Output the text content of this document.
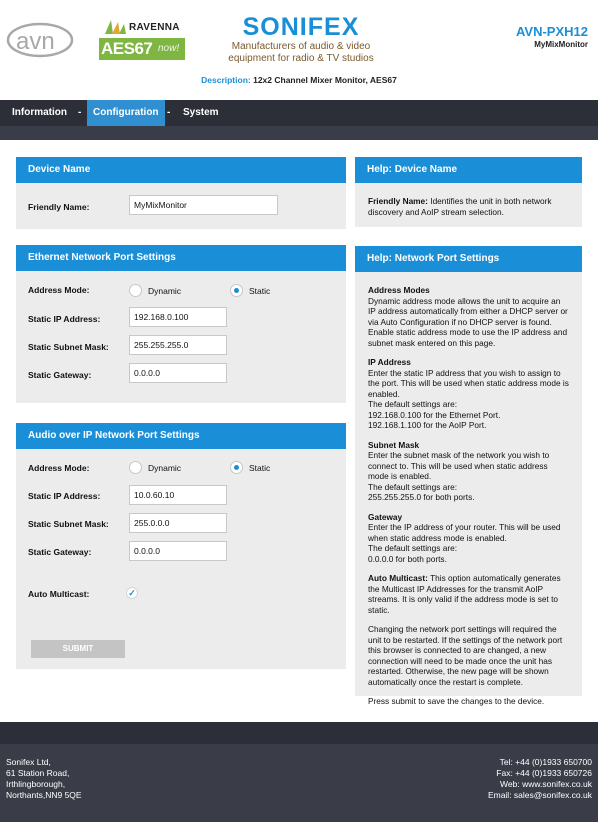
avn
RAVENNA
AES67 now!
SONIFEX
Manufacturers of audio & video
equipment for radio & TV studios
AVN-PXH12
MyMixMonitor
Description: 12x2 Channel Mixer Monitor, AES67
Information	-	Configuration -	System
Device Name
Friendly Name:
MyMixMonitor
Ethernet Network Port Settings
Address Mode:	Dynamic	Static
Static IP Address:
192.168.0.100
Static Subnet Mask:
255.255.255.0
Static Gateway:
0.0.0.0
Audio over IP Network Port Settings
Address Mode:	Dynamic	Static
Static IP Address:
10.0.60.10
Static Subnet Mask:
255.0.0.0
Static Gateway:
0.0.0.0
Auto Multicast:	✓
SUBMIT
Help: Device Name
Friendly Name: Identifies the unit in both network discovery and AoIP stream selection.
Help: Network Port Settings
Address Modes
Dynamic address mode allows the unit to acquire an IP address automatically from either a DHCP server or via Auto Configuration if no DHCP server is found. Enable static address mode to use the IP address and subnet mask entered on this page.
IP Address
Enter the static IP address that you wish to assign to the port. This will be used when static address mode is enabled.
The default settings are:
192.168.0.100 for the Ethernet Port.
192.168.1.100 for the AoIP Port.
Subnet Mask
Enter the subnet mask of the network you wish to connect to. This will be used when static address mode is enabled.
The default settings are:
255.255.255.0 for both ports.
Gateway
Enter the IP address of your router. This will be used when static address mode is enabled.
The default settings are:
0.0.0.0 for both ports.
Auto Multicast: This option automatically generates the Multicast IP Addresses for the transmit AoIP streams. It is only valid if the address mode is set to static.
Changing the network port settings will required the unit to be restarted. If the settings of the network port this browser is connected to are changed, a new connection will need to be made once the unit has restarted. Otherwise, the new page will be shown automatically once the restart is complete.
Press submit to save the changes to the device.
Sonifex Ltd,
61 Station Road,
Irthlingborough,
Northants,NN9 5QE
Tel: +44 (0)1933 650700
Fax: +44 (0)1933 650726
Web: www.sonifex.co.uk
Email: sales@sonifex.co.uk
